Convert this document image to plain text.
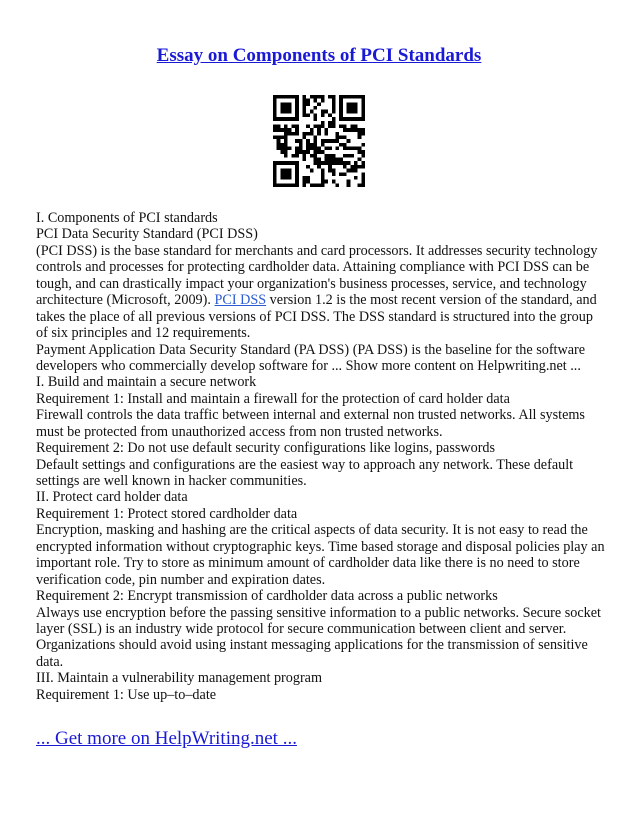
Essay on Components of PCI Standards
I. Components of PCI standards
PCI Data Security Standard (PCI DSS)
(PCI DSS) is the base standard for merchants and card processors. It addresses security technology
controls and processes for protecting cardholder data. Attaining compliance with PCI DSS can be
tough, and can drastically impact your organization's business processes, service, and technology
architecture (Microsoft, 2009). PCI DSS version 1.2 is the most recent version of the standard, and
takes the place of all previous versions of PCI DSS. The DSS standard is structured into the group
of six principles and 12 requirements.
Payment Application Data Security Standard (PA DSS) (PA DSS) is the baseline for the software
developers who commercially develop software for ... Show more content on Helpwriting.net ...
I. Build and maintain a secure network
Requirement 1: Install and maintain a firewall for the protection of card holder data
Firewall controls the data traffic between internal and external non trusted networks. All systems
must be protected from unauthorized access from non trusted networks.
Requirement 2: Do not use default security configurations like logins, passwords
Default settings and configurations are the easiest way to approach any network. These default
settings are well known in hacker communities.
II. Protect card holder data
Requirement 1: Protect stored cardholder data
Encryption, masking and hashing are the critical aspects of data security. It is not easy to read the
encrypted information without cryptographic keys. Time based storage and disposal policies play an
important role. Try to store as minimum amount of cardholder data like there is no need to store
verification code, pin number and expiration dates.
Requirement 2: Encrypt transmission of cardholder data across a public networks
Always use encryption before the passing sensitive information to a public networks. Secure socket
layer (SSL) is an industry wide protocol for secure communication between client and server.
Organizations should avoid using instant messaging applications for the transmission of sensitive
data.
III. Maintain a vulnerability management program
Requirement 1: Use up–to–date
... Get more on HelpWriting.net ...
